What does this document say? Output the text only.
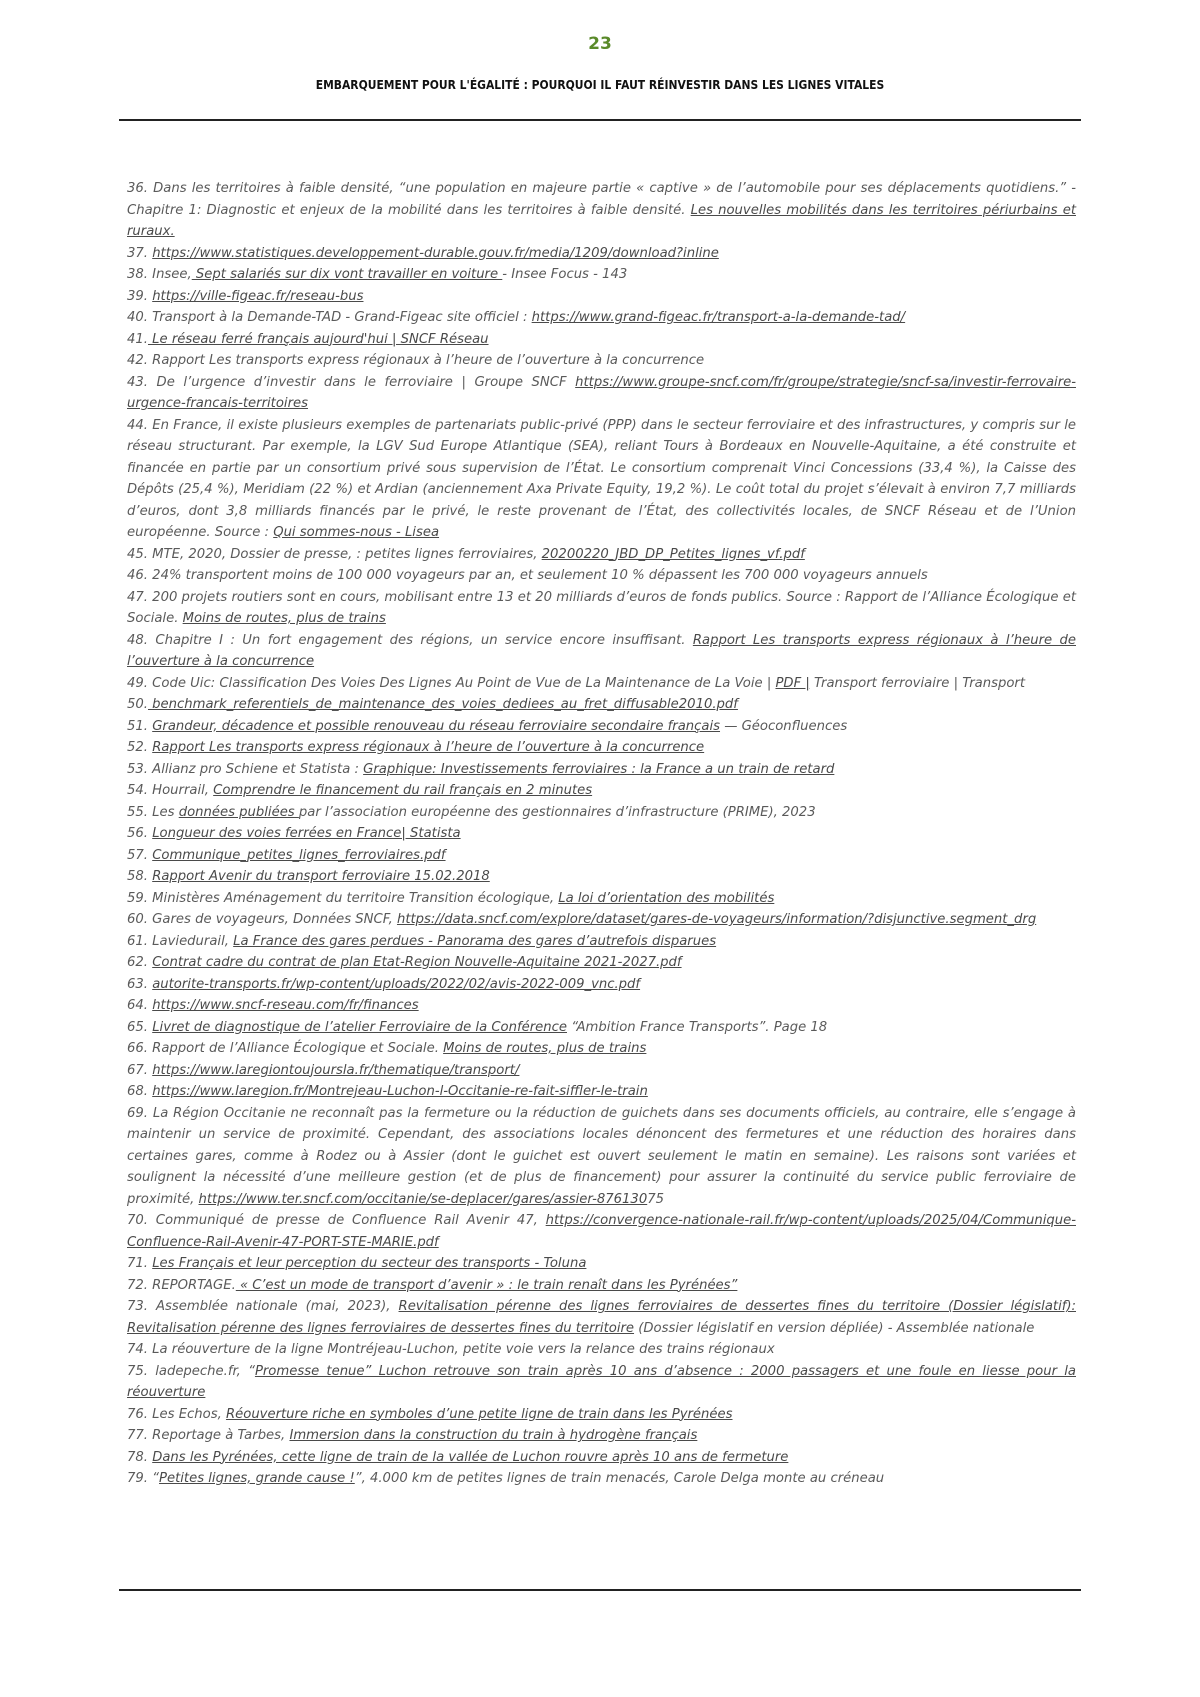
23
EMBARQUEMENT POUR L'ÉGALITÉ : POURQUOI IL FAUT RÉINVESTIR DANS LES LIGNES VITALES

36. Dans les territoires à faible densité, “une population en majeure partie « captive » de l’automobile pour ses déplacements quotidiens.” - Chapitre 1: Diagnostic et enjeux de la mobilité dans les territoires à faible densité. Les nouvelles mobilités dans les territoires périurbains et ruraux.

37. https://www.statistiques.developpement-durable.gouv.fr/media/1209/download?inline

38. Insee, Sept salariés sur dix vont travailler en voiture - Insee Focus - 143

39. https://ville-figeac.fr/reseau-bus

40. Transport à la Demande-TAD - Grand-Figeac site officiel : https://www.grand-figeac.fr/transport-a-la-demande-tad/

41. Le réseau ferré français aujourd'hui | SNCF Réseau

42. Rapport Les transports express régionaux à l’heure de l’ouverture à la concurrence

43. De l’urgence d’investir dans le ferroviaire | Groupe SNCF https://www.groupe-sncf.com/fr/groupe/strategie/sncf-sa/investir-ferrovaire-urgence-francais-territoires

44. En France, il existe plusieurs exemples de partenariats public-privé (PPP) dans le secteur ferroviaire et des infrastructures, y compris sur le réseau structurant. Par exemple, la LGV Sud Europe Atlantique (SEA), reliant Tours à Bordeaux en Nouvelle-Aquitaine, a été construite et financée en partie par un consortium privé sous supervision de l’État. Le consortium comprenait Vinci Concessions (33,4 %), la Caisse des Dépôts (25,4 %), Meridiam (22 %) et Ardian (anciennement Axa Private Equity, 19,2 %). Le coût total du projet s’élevait à environ 7,7 milliards d’euros, dont 3,8 milliards financés par le privé, le reste provenant de l’État, des collectivités locales, de SNCF Réseau et de l’Union européenne. Source : Qui sommes-nous - Lisea

45. MTE, 2020, Dossier de presse, : petites lignes ferroviaires, 20200220_JBD_DP_Petites_lignes_vf.pdf

46. 24% transportent moins de 100 000 voyageurs par an, et seulement 10 % dépassent les 700 000 voyageurs annuels

47. 200 projets routiers sont en cours, mobilisant entre 13 et 20 milliards d’euros de fonds publics. Source : Rapport de l’Alliance Écologique et Sociale. Moins de routes, plus de trains

48. Chapitre I : Un fort engagement des régions, un service encore insuffisant. Rapport Les transports express régionaux à l’heure de l’ouverture à la concurrence

49. Code Uic: Classification Des Voies Des Lignes Au Point de Vue de La Maintenance de La Voie | PDF | Transport ferroviaire | Transport

50. benchmark_referentiels_de_maintenance_des_voies_dediees_au_fret_diffusable2010.pdf

51. Grandeur, décadence et possible renouveau du réseau ferroviaire secondaire français — Géoconfluences

52. Rapport Les transports express régionaux à l’heure de l’ouverture à la concurrence

53. Allianz pro Schiene et Statista : Graphique: Investissements ferroviaires : la France a un train de retard

54. Hourrail, Comprendre le financement du rail français en 2 minutes

55. Les données publiées par l’association européenne des gestionnaires d’infrastructure (PRIME), 2023

56. Longueur des voies ferrées en France| Statista

57. Communique_petites_lignes_ferroviaires.pdf

58. Rapport Avenir du transport ferroviaire 15.02.2018

59. Ministères Aménagement du territoire Transition écologique, La loi d’orientation des mobilités

60. Gares de voyageurs, Données SNCF, https://data.sncf.com/explore/dataset/gares-de-voyageurs/information/?disjunctive.segment_drg

61. Laviedurail, La France des gares perdues - Panorama des gares d’autrefois disparues

62. Contrat cadre du contrat de plan Etat-Region Nouvelle-Aquitaine 2021-2027.pdf

63. autorite-transports.fr/wp-content/uploads/2022/02/avis-2022-009_vnc.pdf

64. https://www.sncf-reseau.com/fr/finances

65. Livret de diagnostique de l’atelier Ferroviaire de la Conférence “Ambition France Transports”. Page 18

66. Rapport de l’Alliance Écologique et Sociale. Moins de routes, plus de trains

67. https://www.laregiontoujoursla.fr/thematique/transport/

68. https://www.laregion.fr/Montrejeau-Luchon-l-Occitanie-re-fait-siffler-le-train

69. La Région Occitanie ne reconnaît pas la fermeture ou la réduction de guichets dans ses documents officiels, au contraire, elle s’engage à maintenir un service de proximité. Cependant, des associations locales dénoncent des fermetures et une réduction des horaires dans certaines gares, comme à Rodez ou à Assier (dont le guichet est ouvert seulement le matin en semaine). Les raisons sont variées et soulignent la nécessité d’une meilleure gestion (et de plus de financement) pour assurer la continuité du service public ferroviaire de proximité, https://www.ter.sncf.com/occitanie/se-deplacer/gares/assier-87613075

70. Communiqué de presse de Confluence Rail Avenir 47, https://convergence-nationale-rail.fr/wp-content/uploads/2025/04/Communique-Confluence-Rail-Avenir-47-PORT-STE-MARIE.pdf

71. Les Français et leur perception du secteur des transports - Toluna

72. REPORTAGE. « C’est un mode de transport d’avenir » : le train renaît dans les Pyrénées”

73. Assemblée nationale (mai, 2023), Revitalisation pérenne des lignes ferroviaires de dessertes fines du territoire (Dossier législatif): Revitalisation pérenne des lignes ferroviaires de dessertes fines du territoire (Dossier législatif en version dépliée) - Assemblée nationale

74. La réouverture de la ligne Montréjeau-Luchon, petite voie vers la relance des trains régionaux

75. ladepeche.fr, “Promesse tenue” Luchon retrouve son train après 10 ans d’absence : 2000 passagers et une foule en liesse pour la réouverture

76. Les Echos, Réouverture riche en symboles d’une petite ligne de train dans les Pyrénées

77. Reportage à Tarbes, Immersion dans la construction du train à hydrogène français

78. Dans les Pyrénées, cette ligne de train de la vallée de Luchon rouvre après 10 ans de fermeture

79. “Petites lignes, grande cause !”, 4.000 km de petites lignes de train menacés, Carole Delga monte au créneau
